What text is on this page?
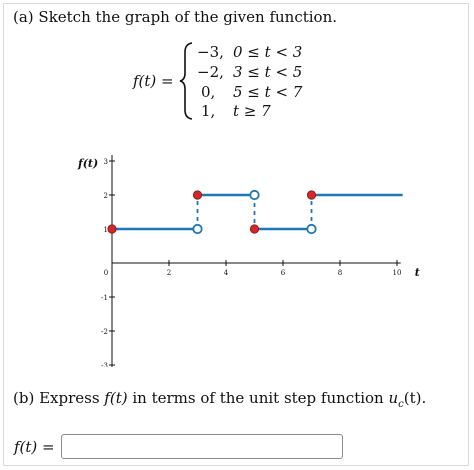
(a) Sketch the graph of the given function.
f(t) =
−3, 0 ≤ t < 3
−2, 3 ≤ t < 5
0, 5 ≤ t < 7
1, t ≥ 7
0	2	4	6	8	10
3
2
1
-1
-2
-3
f(t)
t
(b) Express f(t) in terms of the unit step function $u_c(t)$.
f(t) =
